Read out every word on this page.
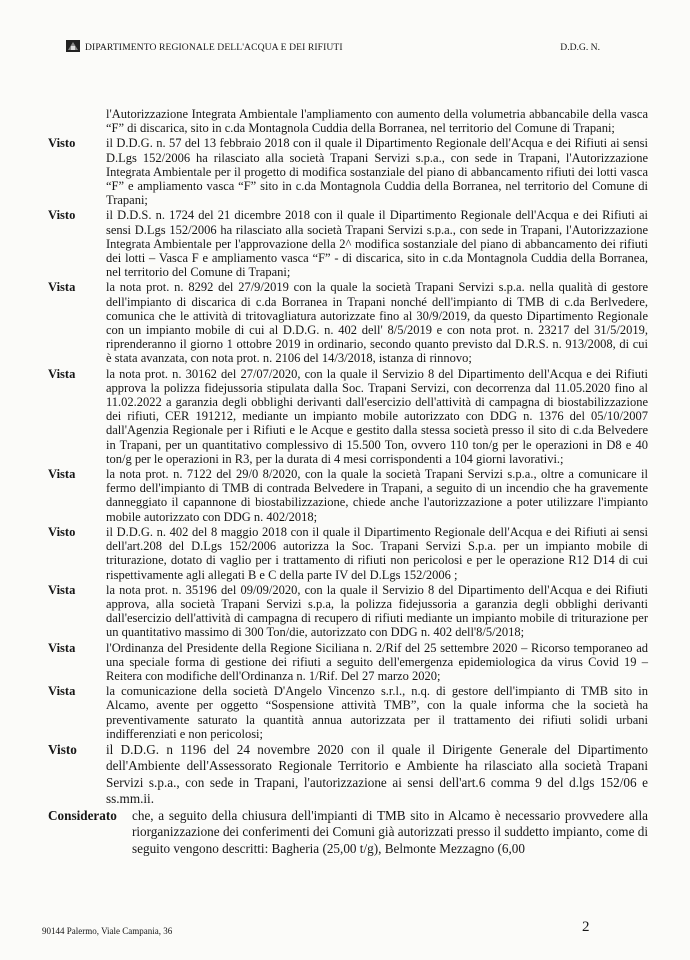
DIPARTIMENTO REGIONALE DELL'ACQUA E DEI RIFIUTI	D.D.G. N.

l'Autorizzazione Integrata Ambientale l'ampliamento con aumento della volumetria abbancabile della vasca “F” di discarica, sito in c.da Montagnola Cuddia della Borranea, nel territorio del Comune di Trapani;

Visto il D.D.G. n. 57 del 13 febbraio 2018 con il quale il Dipartimento Regionale dell'Acqua e dei Rifiuti ai sensi D.Lgs 152/2006 ha rilasciato alla società Trapani Servizi s.p.a., con sede in Trapani, l'Autorizzazione Integrata Ambientale per il progetto di modifica sostanziale del piano di abbancamento rifiuti dei lotti vasca “F” e ampliamento vasca “F” sito in c.da Montagnola Cuddia della Borranea, nel territorio del Comune di Trapani;

Visto il D.D.S. n. 1724 del 21 dicembre 2018 con il quale il Dipartimento Regionale dell'Acqua e dei Rifiuti ai sensi D.Lgs 152/2006 ha rilasciato alla società Trapani Servizi s.p.a., con sede in Trapani, l'Autorizzazione Integrata Ambientale per l'approvazione della 2^ modifica sostanziale del piano di abbancamento dei rifiuti dei lotti – Vasca F e ampliamento vasca “F” - di discarica, sito in c.da Montagnola Cuddia della Borranea, nel territorio del Comune di Trapani;

Vista la nota prot. n. 8292 del 27/9/2019 con la quale la società Trapani Servizi s.p.a. nella qualità di gestore dell'impianto di discarica di c.da Borranea in Trapani nonché dell'impianto di TMB di c.da Berlvedere, comunica che le attività di tritovagliatura autorizzate fino al 30/9/2019, da questo Dipartimento Regionale con un impianto mobile di cui al D.D.G. n. 402 dell' 8/5/2019 e con nota prot. n. 23217 del 31/5/2019, riprenderanno il giorno 1 ottobre 2019 in ordinario, secondo quanto previsto dal D.R.S. n. 913/2008, di cui è stata avanzata, con nota prot. n. 2106 del 14/3/2018, istanza di rinnovo;

Vista la nota prot. n. 30162 del 27/07/2020, con la quale il Servizio 8 del Dipartimento dell'Acqua e dei Rifiuti approva la polizza fidejussoria stipulata dalla Soc. Trapani Servizi, con decorrenza dal 11.05.2020 fino al 11.02.2022 a garanzia degli obblighi derivanti dall'esercizio dell'attività di campagna di biostabilizzazione dei rifiuti, CER 191212, mediante un impianto mobile autorizzato con DDG n. 1376 del 05/10/2007 dall'Agenzia Regionale per i Rifiuti e le Acque e gestito dalla stessa società presso il sito di c.da Belvedere in Trapani, per un quantitativo complessivo di 15.500 Ton, ovvero 110 ton/g per le operazioni in D8 e 40 ton/g per le operazioni in R3, per la durata di 4 mesi corrispondenti a 104 giorni lavorativi.;

Vista la nota prot. n. 7122 del 29/0 8/2020, con la quale la società Trapani Servizi s.p.a., oltre a comunicare il fermo dell'impianto di TMB di contrada Belvedere in Trapani, a seguito di un incendio che ha gravemente danneggiato il capannone di biostabilizzazione, chiede anche l'autorizzazione a poter utilizzare l'impianto mobile autorizzato con DDG n. 402/2018;

Visto il D.D.G. n. 402 del 8 maggio 2018 con il quale il Dipartimento Regionale dell'Acqua e dei Rifiuti ai sensi dell'art.208 del D.Lgs 152/2006 autorizza la Soc. Trapani Servizi S.p.a. per un impianto mobile di triturazione, dotato di vaglio per i trattamento di rifiuti non pericolosi e per le operazione R12 D14 di cui rispettivamente agli allegati B e C della parte IV del D.Lgs 152/2006 ;

Vista la nota prot. n. 35196 del 09/09/2020, con la quale il Servizio 8 del Dipartimento dell'Acqua e dei Rifiuti approva, alla società Trapani Servizi s.p.a, la polizza fidejussoria a garanzia degli obblighi derivanti dall'esercizio dell'attività di campagna di recupero di rifiuti mediante un impianto mobile di triturazione per un quantitativo massimo di 300 Ton/die, autorizzato con DDG n. 402 dell'8/5/2018;

Vista l'Ordinanza del Presidente della Regione Siciliana n. 2/Rif del 25 settembre 2020 – Ricorso temporaneo ad una speciale forma di gestione dei rifiuti a seguito dell'emergenza epidemiologica da virus Covid 19 – Reitera con modifiche dell'Ordinanza n. 1/Rif. Del 27 marzo 2020;

Vista la comunicazione della società D'Angelo Vincenzo s.r.l., n.q. di gestore dell'impianto di TMB sito in Alcamo, avente per oggetto “Sospensione attività TMB”, con la quale informa che la società ha preventivamente saturato la quantità annua autorizzata per il trattamento dei rifiuti solidi urbani indifferenziati e non pericolosi;

Visto il D.D.G. n 1196 del 24 novembre 2020 con il quale il Dirigente Generale del Dipartimento dell'Ambiente dell'Assessorato Regionale Territorio e Ambiente ha rilasciato alla società Trapani Servizi s.p.a., con sede in Trapani, l'autorizzazione ai sensi dell'art.6 comma 9 del d.lgs 152/06 e ss.mm.ii.

Considerato che, a seguito della chiusura dell'impianti di TMB sito in Alcamo è necessario provvedere alla riorganizzazione dei conferimenti dei Comuni già autorizzati presso il suddetto impianto, come di seguito vengono descritti: Bagheria (25,00 t/g), Belmonte Mezzagno (6,00

90144 Palermo, Viale Campania, 36	2
